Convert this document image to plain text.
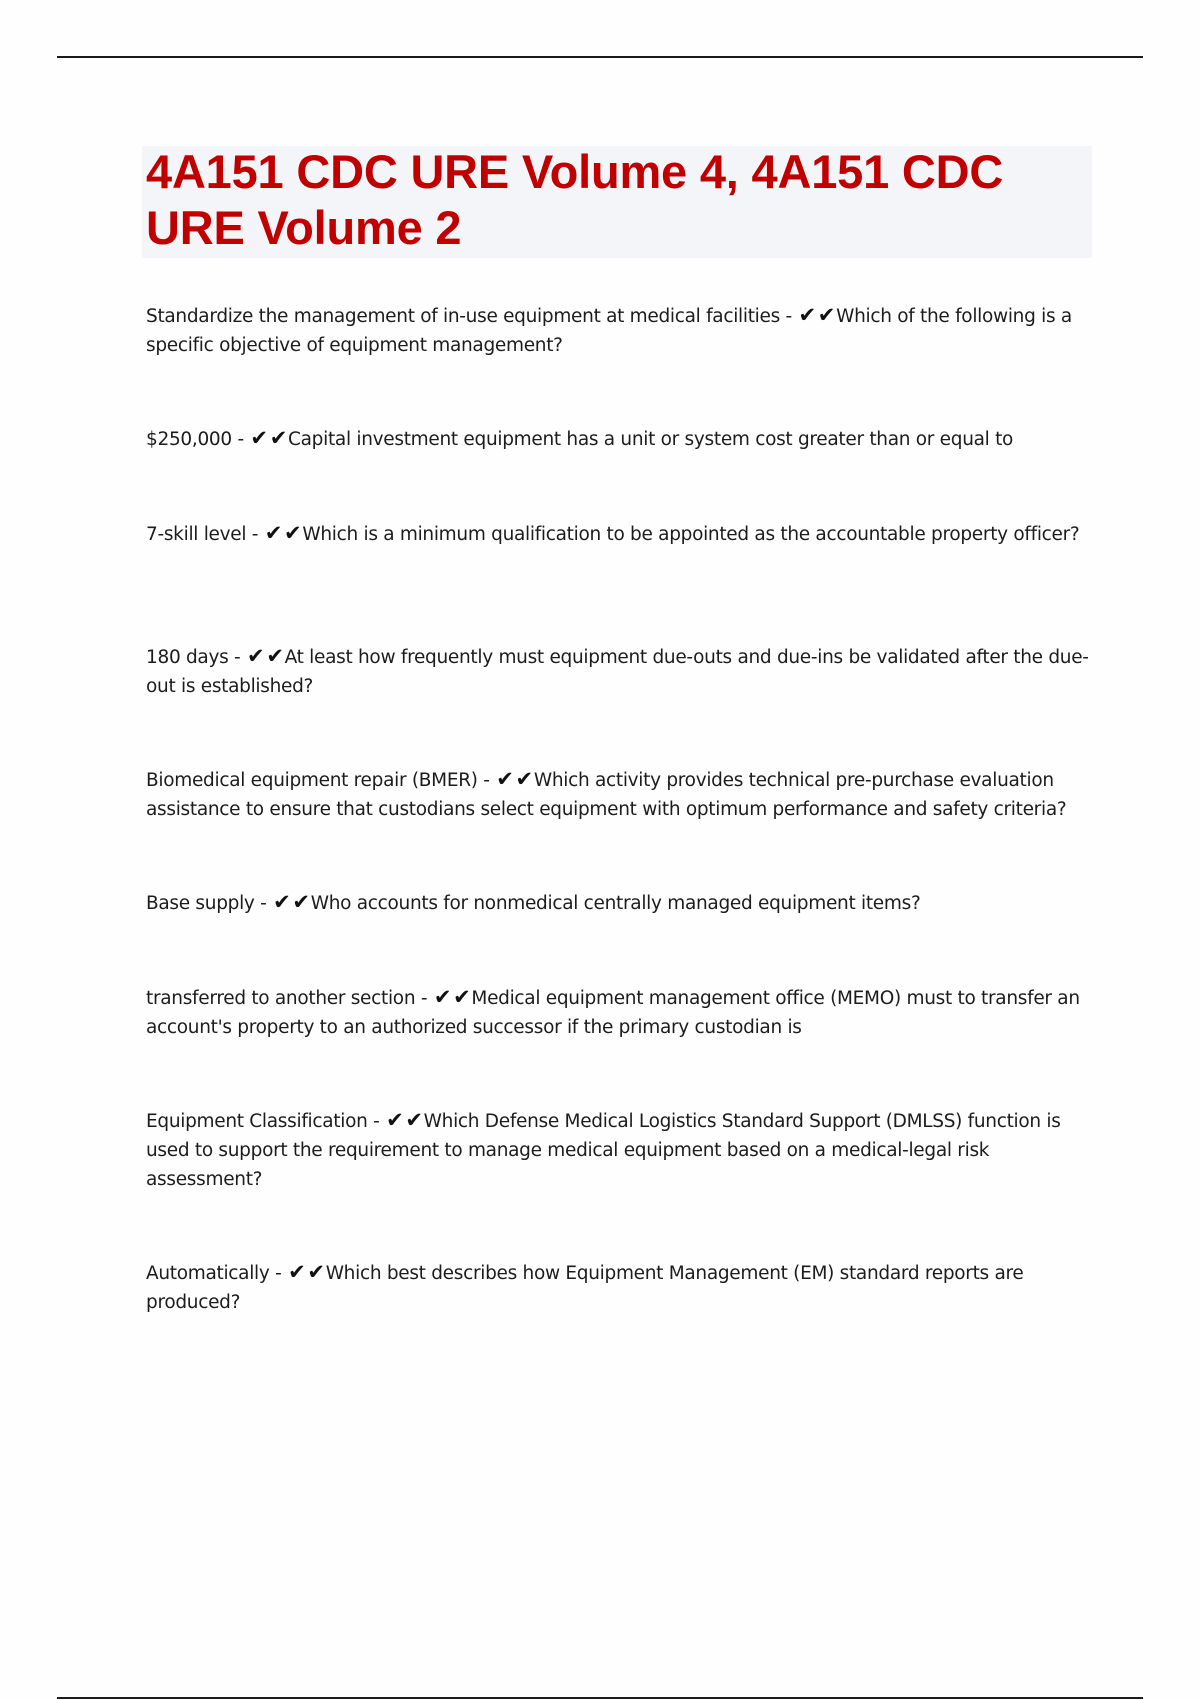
4A151 CDC URE Volume 4, 4A151 CDC URE Volume 2

Standardize the management of in-use equipment at medical facilities - ✔✔Which of the following is a specific objective of equipment management?

$250,000 - ✔✔Capital investment equipment has a unit or system cost greater than or equal to

7-skill level - ✔✔Which is a minimum qualification to be appointed as the accountable property officer?

180 days - ✔✔At least how frequently must equipment due-outs and due-ins be validated after the due-out is established?

Biomedical equipment repair (BMER) - ✔✔Which activity provides technical pre-purchase evaluation assistance to ensure that custodians select equipment with optimum performance and safety criteria?

Base supply - ✔✔Who accounts for nonmedical centrally managed equipment items?

transferred to another section - ✔✔Medical equipment management office (MEMO) must to transfer an account's property to an authorized successor if the primary custodian is

Equipment Classification - ✔✔Which Defense Medical Logistics Standard Support (DMLSS) function is used to support the requirement to manage medical equipment based on a medical-legal risk assessment?

Automatically - ✔✔Which best describes how Equipment Management (EM) standard reports are produced?
